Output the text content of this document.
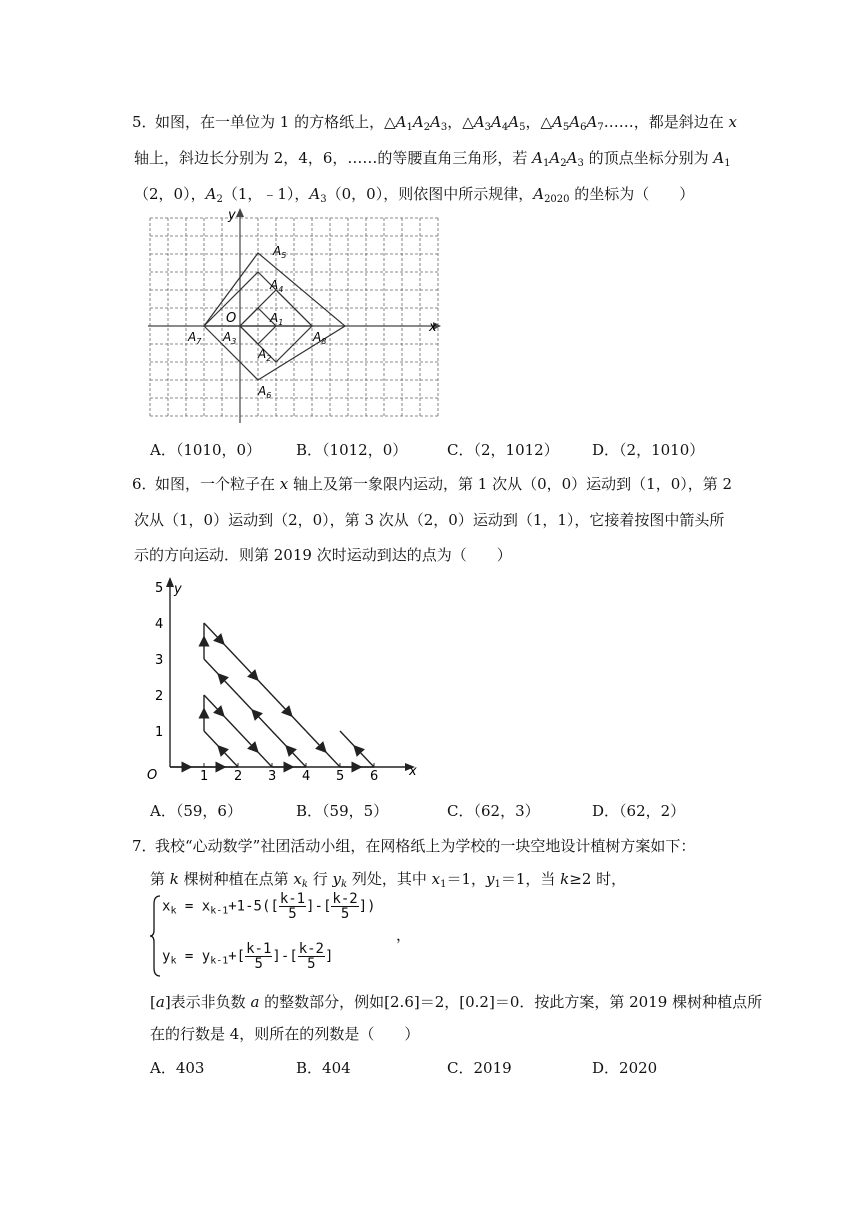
5．
如图，在一单位为 1 的方格纸上，$\triangle A_1A_2A_3$，$\triangle A_3A_4A_5$，$\triangle A_5A_6A_7\dots\dots$，都是斜边在 x
轴上，斜边长分别为 2，4，6，……的等腰直角三角形，若 $A_1A_2A_3$ 的顶点坐标分别为 $A_1$
（2，0），$A_2(1$，﹣1），$A_3(0$，0），则依图中所示规律，$A_{2020}$ 的坐标为（　　）
y
x
O
$A_5$
$A_4$
$A_1$
$A_7$ $A_3$
$A_2$
$A_8$
$A_6$
A．（1010，0） B．（1012，0）	C．（2，1012） D．（2，1010）
6．
如图，一个粒子在 x 轴上及第一象限内运动，第 1 次从（0，0）运动到（1，0），第 2
次从（1，0）运动到（2，0），第 3 次从（2，0）运动到（1，1），它接着按图中箭头所
示的方向运动．则第 2019 次时运动到达的点为（　　）
O	x
y
1 2 3 4 5 6
1
2
3
4
5
A．（59，6）	B．（59，5）	C．（62，3）	D．（62，2）
7．
我校“心动数学”社团活动小组，在网格纸上为学校的一块空地设计植树方案如下：
第 k 棵树种植在点第 $x_k$ 行 $y_k$ 列处，其中 $x_1=1$，$y_1=1$，当 k≥2 时，
$x_k = x_{k-1}+1-5([ \frac{k-1}{5}$ ]-[ $\frac{k-2}{5}$ ])
$y_k = y_{k-1}+[ \frac{k-1}{5}$ ]-[ $\frac{k-2}{5}$ ]
，
[a]表示非负数 a 的整数部分，例如[2.6]＝2，[0.2]＝0．按此方案，第 2019 棵树种植点所
在的行数是 4，则所在的列数是（　　）
A．403	B．404	C．2019	D．2020
